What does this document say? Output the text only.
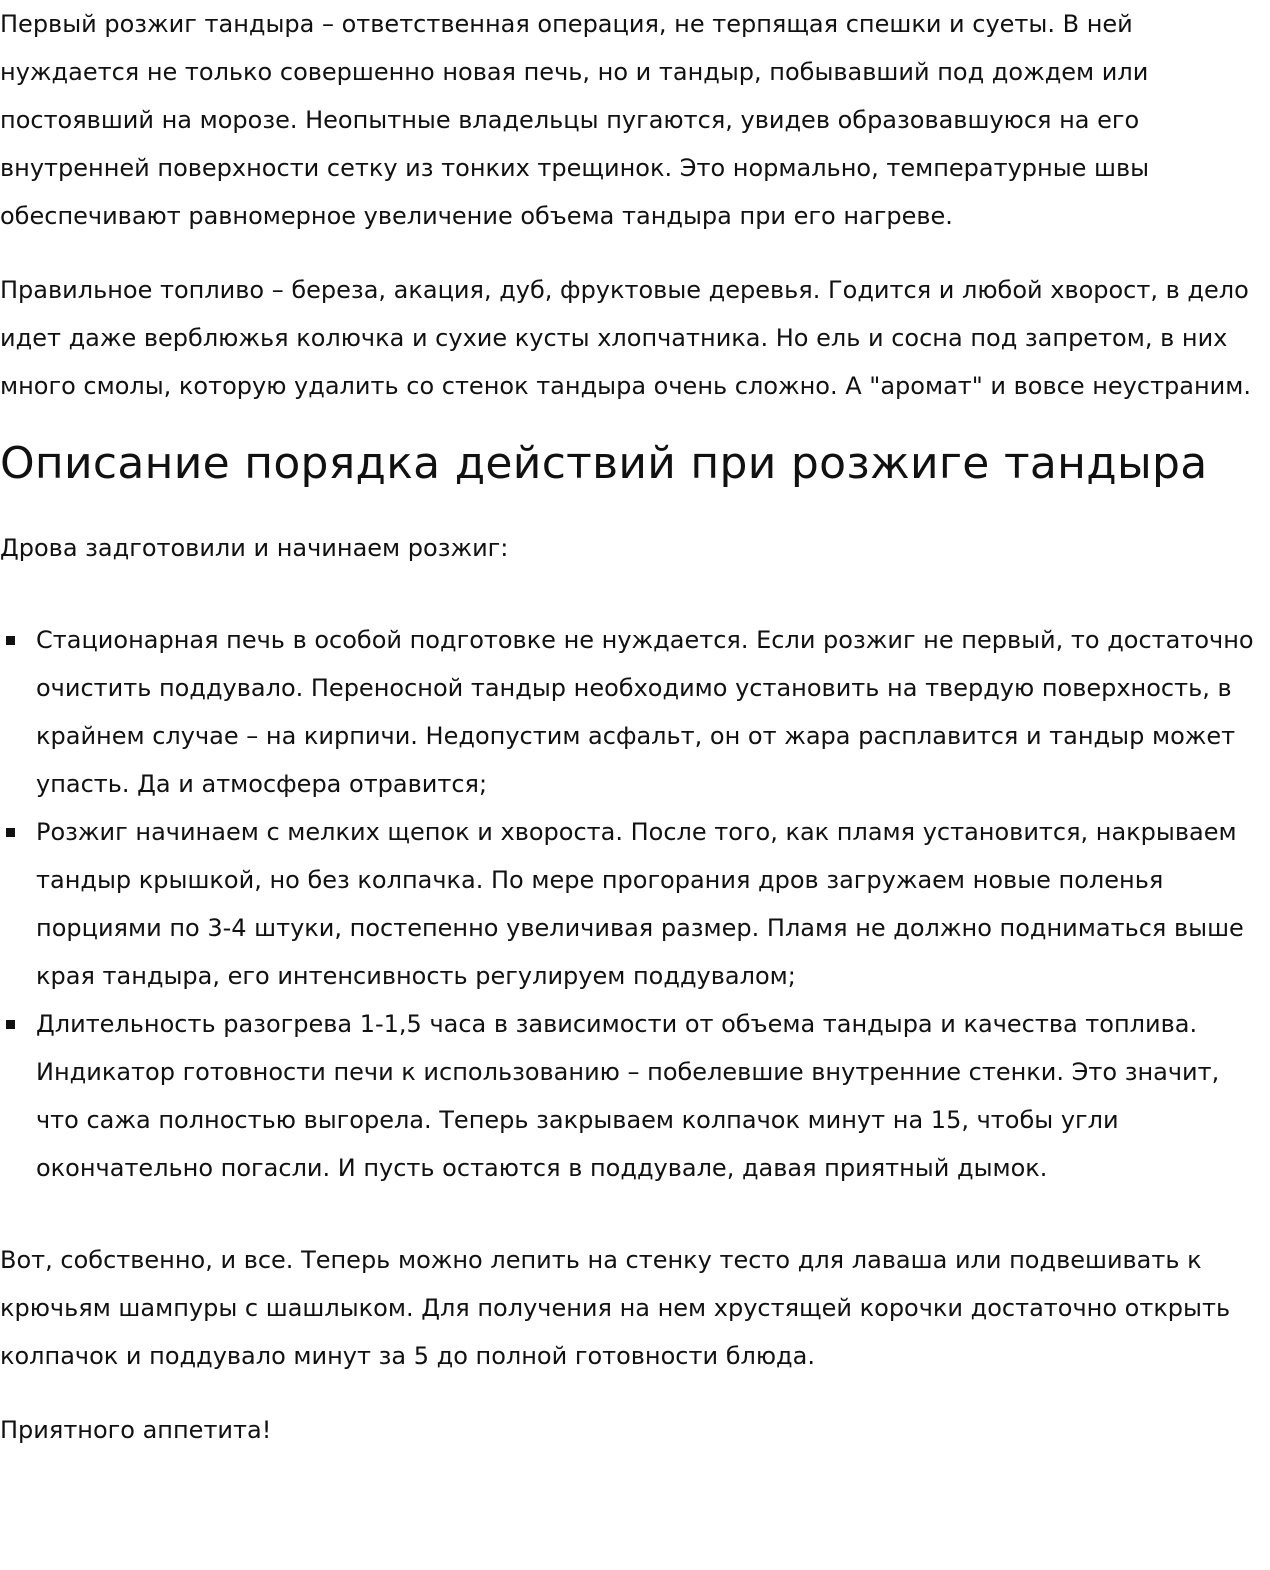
Первый розжиг тандыра – ответственная операция, не терпящая спешки и суеты. В ней нуждается не только совершенно новая печь, но и тандыр, побывавший под дождем или постоявший на морозе. Неопытные владельцы пугаются, увидев образовавшуюся на его внутренней поверхности сетку из тонких трещинок. Это нормально, температурные швы обеспечивают равномерное увеличение объема тандыра при его нагреве.

Правильное топливо – береза, акация, дуб, фруктовые деревья. Годится и любой хворост, в дело идет даже верблюжья колючка и сухие кусты хлопчатника. Но ель и сосна под запретом, в них много смолы, которую удалить со стенок тандыра очень сложно. А "аромат" и вовсе неустраним.

Описание порядка действий при розжиге тандыра

Дрова задготовили и начинаем розжиг:

Стационарная печь в особой подготовке не нуждается. Если розжиг не первый, то достаточно очистить поддувало. Переносной тандыр необходимо установить на твердую поверхность, в крайнем случае – на кирпичи. Недопустим асфальт, он от жара расплавится и тандыр может упасть. Да и атмосфера отравится;
Розжиг начинаем с мелких щепок и хвороста. После того, как пламя установится, накрываем тандыр крышкой, но без колпачка. По мере прогорания дров загружаем новые поленья порциями по 3-4 штуки, постепенно увеличивая размер. Пламя не должно подниматься выше края тандыра, его интенсивность регулируем поддувалом;
Длительность разогрева 1-1,5 часа в зависимости от объема тандыра и качества топлива. Индикатор готовности печи к использованию – побелевшие внутренние стенки. Это значит, что сажа полностью выгорела. Теперь закрываем колпачок минут на 15, чтобы угли окончательно погасли. И пусть остаются в поддувале, давая приятный дымок.

Вот, собственно, и все. Теперь можно лепить на стенку тесто для лаваша или подвешивать к крючьям шампуры с шашлыком. Для получения на нем хрустящей корочки достаточно открыть колпачок и поддувало минут за 5 до полной готовности блюда.

Приятного аппетита!
